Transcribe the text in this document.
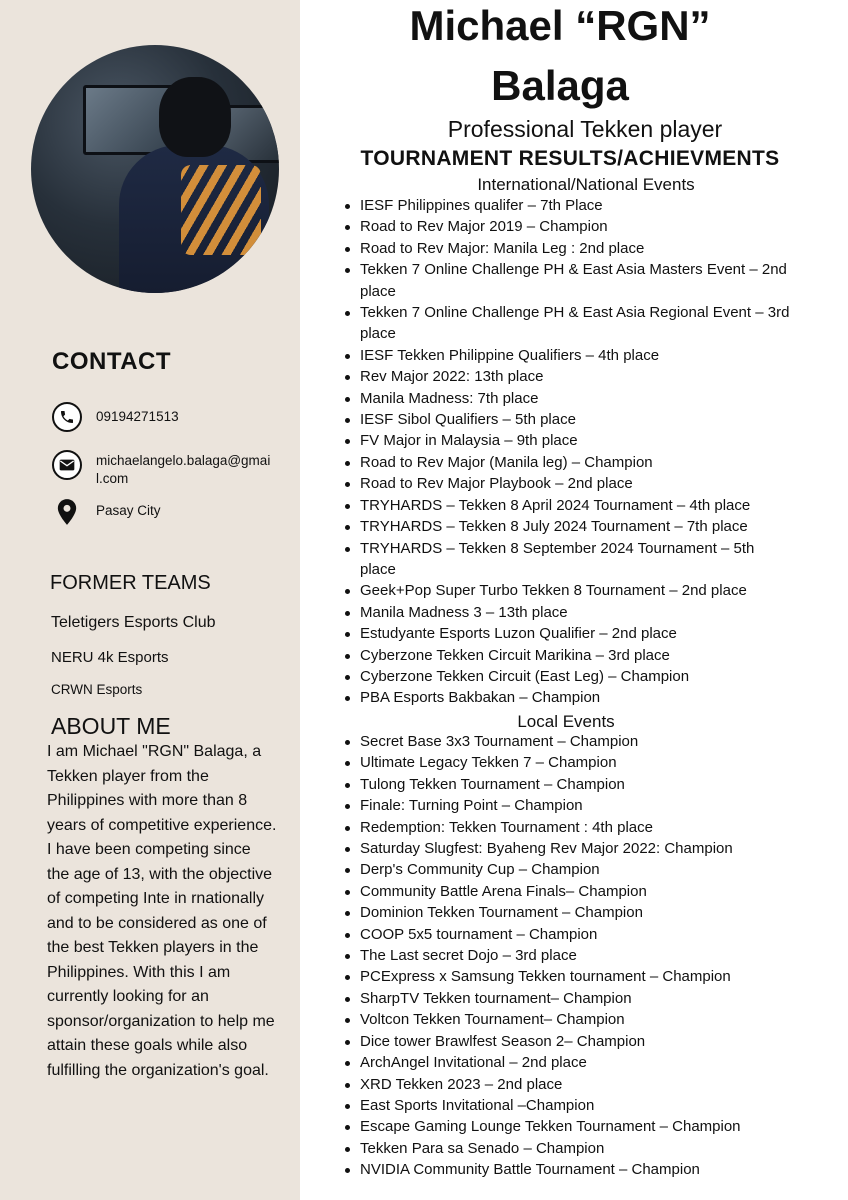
CONTACT
09194271513
michaelangelo.balaga@gmail.com
Pasay City
FORMER TEAMS
Teletigers Esports Club
NERU 4k Esports
CRWN Esports
ABOUT ME
I am Michael "RGN" Balaga, a Tekken player from the Philippines with more than 8 years of competitive experience. I have been competing since the age of 13, with the objective of competing Inte in rnationally and to be considered as one of the best Tekken players in the Philippines. With this I am currently looking for an sponsor/organization to help me attain these goals while also fulfilling the organization's goal.
Michael “RGN”
Balaga
Professional Tekken player
TOURNAMENT RESULTS/ACHIEVMENTS
International/National Events
IESF Philippines qualifer – 7th Place
Road to Rev Major 2019 – Champion
Road to Rev Major: Manila Leg : 2nd place
Tekken 7 Online Challenge PH & East Asia Masters Event – 2nd place
Tekken 7 Online Challenge PH & East Asia Regional Event – 3rd place
IESF Tekken Philippine Qualifiers – 4th place
Rev Major 2022: 13th place
Manila Madness: 7th place
IESF Sibol Qualifiers – 5th place
FV Major in Malaysia – 9th place
Road to Rev Major (Manila leg) – Champion
Road to Rev Major Playbook – 2nd place
TRYHARDS – Tekken 8 April 2024 Tournament – 4th place
TRYHARDS – Tekken 8 July 2024 Tournament – 7th place
TRYHARDS – Tekken 8 September 2024 Tournament – 5th place
Geek+Pop Super Turbo Tekken 8 Tournament – 2nd place
Manila Madness 3 – 13th place
Estudyante Esports Luzon Qualifier – 2nd place
Cyberzone Tekken Circuit Marikina – 3rd place
Cyberzone Tekken Circuit (East Leg) – Champion
PBA Esports Bakbakan – Champion
Local Events
Secret Base 3x3 Tournament – Champion
Ultimate Legacy Tekken 7 – Champion
Tulong Tekken Tournament – Champion
Finale: Turning Point – Champion
Redemption: Tekken Tournament : 4th place
Saturday Slugfest: Byaheng Rev Major 2022: Champion
Derp's Community Cup – Champion
Community Battle Arena Finals– Champion
Dominion Tekken Tournament – Champion
COOP 5x5 tournament – Champion
The Last secret Dojo – 3rd place
PCExpress x Samsung Tekken tournament – Champion
SharpTV Tekken tournament– Champion
Voltcon Tekken Tournament– Champion
Dice tower Brawlfest Season 2– Champion
ArchAngel Invitational – 2nd place
XRD Tekken 2023 – 2nd place
East Sports Invitational –Champion
Escape Gaming Lounge Tekken Tournament – Champion
Tekken Para sa Senado – Champion
NVIDIA Community Battle Tournament – Champion
